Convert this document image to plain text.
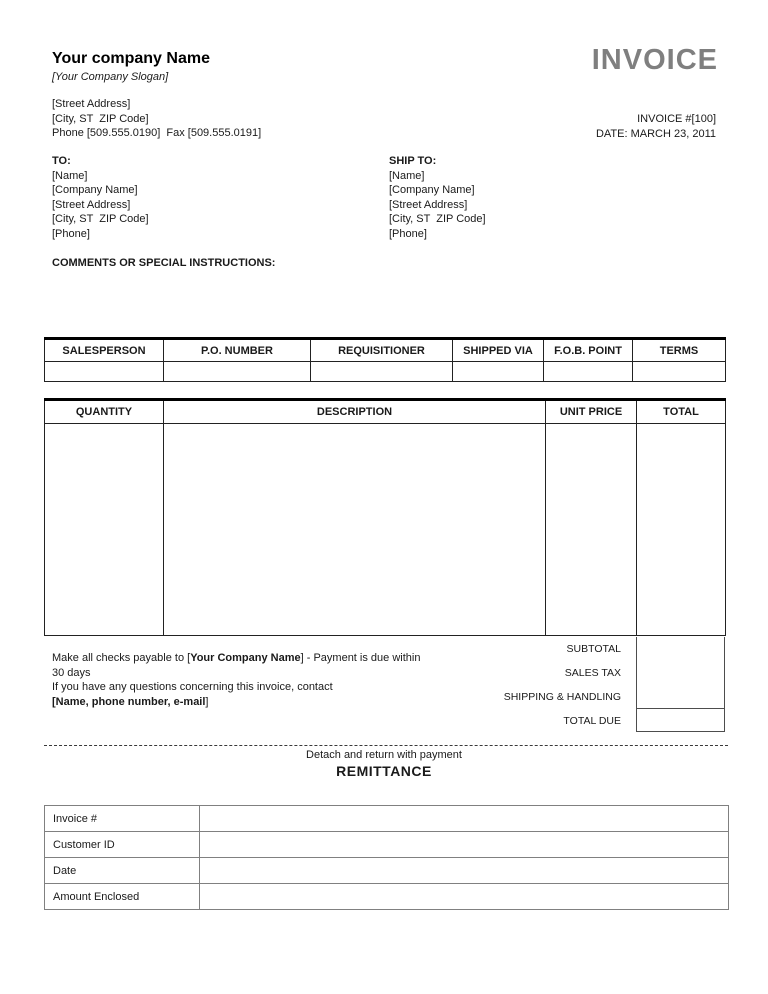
Your company Name
[Your Company Slogan]
INVOICE
[Street Address]
[City, ST  ZIP Code]
Phone [509.555.0190]  Fax [509.555.0191]
INVOICE #[100]
DATE: MARCH 23, 2011
TO:
[Name]
[Company Name]
[Street Address]
[City, ST  ZIP Code]
[Phone]
SHIP TO:
[Name]
[Company Name]
[Street Address]
[City, ST  ZIP Code]
[Phone]
COMMENTS OR SPECIAL INSTRUCTIONS:
SALESPERSON	P.O. NUMBER	REQUISITIONER	SHIPPED VIA	F.O.B. POINT	TERMS

QUANTITY	DESCRIPTION	UNIT PRICE	TOTAL

Make all checks payable to [Your Company Name] - Payment is due within
30 days
If you have any questions concerning this invoice, contact
[Name, phone number, e-mail]
SUBTOTAL
SALES TAX
SHIPPING & HANDLING
TOTAL DUE
Detach and return with payment
REMITTANCE
Invoice #	
Customer ID	
Date	
Amount Enclosed	
